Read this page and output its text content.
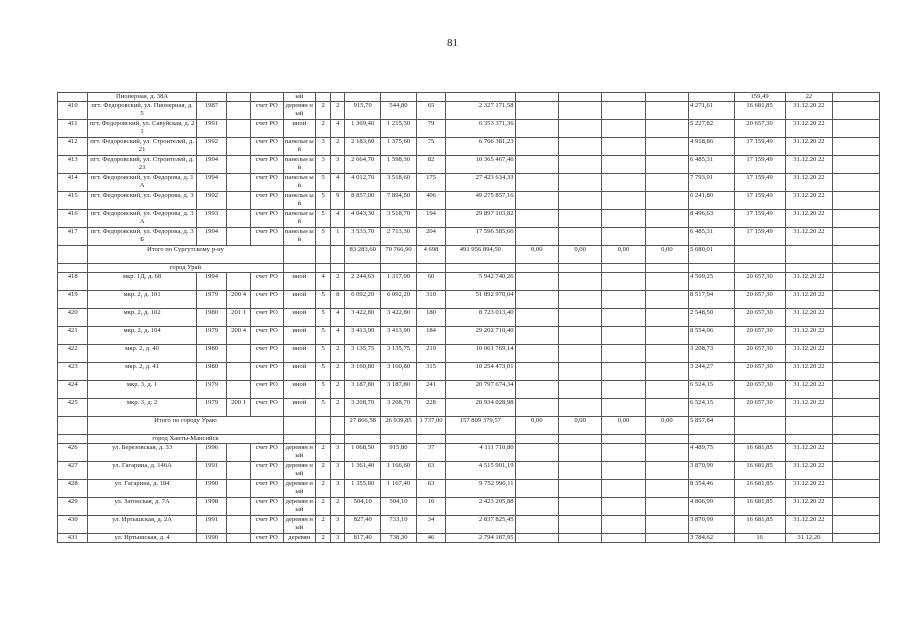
81
	Пионерная, д. 38А				ый												159,49	22	
410	пгт. Федоровский, ул. Пионерная, д. 5	1987		счет РО	деревян ный	2	2	915,70	544,80	65	2 327 171,58					4 271,61	16 681,85	31.12.20 22	
411	пгт. Федоровский, ул. Савуйская, д. 21	1991		счет РО	иной	2	4	1 369,40	1 215,30	79	6 353 371,36					5 227,82	20 657,30	31.12.20 22	
412	пгт. Федоровский, ул. Строителей, д. 21	1992		счет РО	панельн ый	3	2	2 183,60	1 375,60	75	6 766 381,23					4 918,86	17 159,49	31.12.20 22	
413	пгт. Федоровский, ул. Строителей, д. 23	1994		счет РО	панельн ый	3	3	2 664,70	1 598,30	82	10 365 467,46					6 485,31	17 159,49	31.12.20 22	
414	пгт. Федоровский, ул. Федорова, д. 1А	1994		счет РО	панельн ый	5	4	4 012,70	3 518,60	175	27 423 634,33					7 793,91	17 159,49	31.12.20 22	
415	пгт. Федоровский, ул. Федорова, д. 3	1992		счет РО	панельн ый	5	9	8 857,00	7 894,50	406	49 275 857,16					6 241,80	17 159,49	31.12.20 22	
416	пгт. Федоровский, ул. Федорова, д. 3А	1993		счет РО	панельн ый	5	4	4 043,30	3 518,70	194	29 897 103,82					8 496,63	17 159,49	31.12.20 22	
417	пгт. Федоровский, ул. Федорова, д. 3Б	1994		счет РО	панельн ый	5	1	3 533,70	2 713,30	204	17 596 585,66					6 485,31	17 159,49	31.12.20 22	
	Итого по Сургутскому р-ну							83 283,60	70 766,90	4 698	491 956 894,50	0,00	0,00	0,00	0,00	5 680,01			
	город Урай																		
418	мкр. 1Д, д. 68	1994		счет РО	иной	4	2	2 244,63	1 317,90	60	5 942 740,26					4 509,25	20 657,30	31.12.20 22	
419	мкр. 2, д. 101	1979	200 4	счет РО	иной	5	8	6 092,20	6 092,20	310	51 892 970,04					8 517,94	20 657,30	31.12.20 22	
420	мкр. 2, д. 102	1980	201 1	счет РО	иной	5	4	3 422,80	3 422,80	180	8 723 013,40					2 548,50	20 657,30	31.12.20 22	
421	мкр. 2, д. 104	1979	200 4	счет РО	иной	5	4	3 413,90	3 413,90	184	29 202 710,40					8 554,06	20 657,30	31.12.20 22	
422	мкр. 2, д. 40	1980		счет РО	иной	5	2	3 135,75	3 135,75	219	10 061 769,14					3 208,73	20 657,30	31.12.20 22	
423	мкр. 2, д. 41	1980		счет РО	иной	5	2	3 160,80	3 160,80	315	10 254 473,01					3 244,27	20 657,30	31.12.20 22	
424	мкр. 3, д. 1	1979		счет РО	иной	5	2	3 187,80	3 187,80	241	20 797 674,34					6 524,15	20 657,30	31.12.20 22	
425	мкр. 3, д. 2	1979	200 1	счет РО	иной	5	2	3 208,70	3 208,70	228	20 934 028,98					6 524,15	20 657,30	31.12.20 22	
	Итого по городу Ураю							27 866,58	26 939,85	1 737,00	157 809 379,57	0,00	0,00	0,00	0,00	5 857,84			
	город Ханты-Мансийск																		
426	ул. Березовская, д. 33	1996		счет РО	деревян ный	2	3	1 068,50	915,80	37	4 111 710,80					4 489,75	16 681,85	31.12.20 22	
427	ул. Гагарина, д. 146А	1991		счет РО	деревян ный	2	3	1 361,40	1 166,60	63	4 515 901,19					3 870,99	16 681,85	31.12.20 22	
428	ул. Гагарина, д. 184	1990		счет РО	деревян ный	2	3	1 355,80	1 167,40	63	9 752 996,11					8 354,46	16 681,85	31.12.20 22	
429	ул. Затонская, д. 7А	1998		счет РО	деревян ный	2	2	504,10	504,10	16	2 423 205,88					4 806,99	16 681,85	31.12.20 22	
430	ул. Иртышская, д. 2А	1991		счет РО	деревян ный	2	3	827,40	733,10	34	2 837 825,45					3 870,99	16 681,85	31.12.20 22	
431	ул. Иртышская, д. 4	1990		счет РО	деревян	2	3	817,40	738,30	46	2 794 187,95					3 784,62	16	31.12.20	
